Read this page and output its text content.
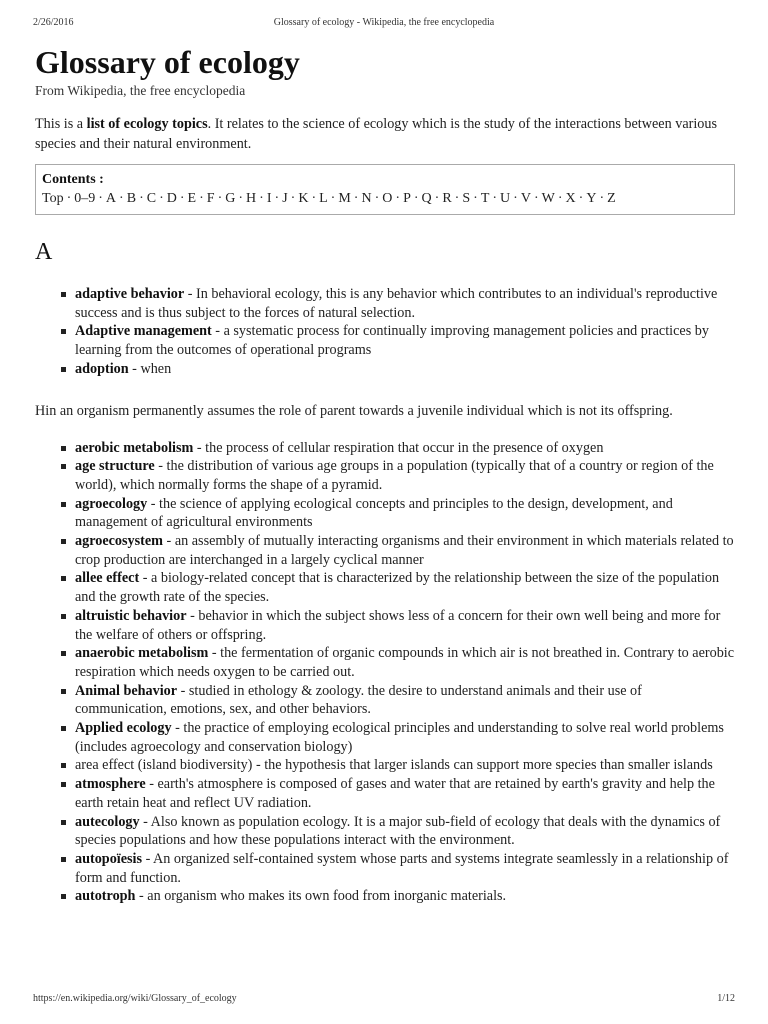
2/26/2016	Glossary of ecology - Wikipedia, the free encyclopedia
Glossary of ecology
From Wikipedia, the free encyclopedia

This is a list of ecology topics. It relates to the science of ecology which is the study of the interactions between various species and their natural environment.

Contents :
Top · 0–9 · A · B · C · D · E · F · G · H · I · J · K · L · M · N · O · P · Q · R · S · T · U · V · W · X · Y · Z
A
adaptive behavior - In behavioral ecology, this is any behavior which contributes to an individual's reproductive success and is thus subject to the forces of natural selection.
Adaptive management - a systematic process for continually improving management policies and practices by learning from the outcomes of operational programs
adoption - when

Hin an organism permanently assumes the role of parent towards a juvenile individual which is not its offspring.

aerobic metabolism - the process of cellular respiration that occur in the presence of oxygen
age structure - the distribution of various age groups in a population (typically that of a country or region of the world), which normally forms the shape of a pyramid.
agroecology - the science of applying ecological concepts and principles to the design, development, and management of agricultural environments
agroecosystem - an assembly of mutually interacting organisms and their environment in which materials related to crop production are interchanged in a largely cyclical manner
allee effect - a biology-related concept that is characterized by the relationship between the size of the population and the growth rate of the species.
altruistic behavior - behavior in which the subject shows less of a concern for their own well being and more for the welfare of others or offspring.
anaerobic metabolism - the fermentation of organic compounds in which air is not breathed in. Contrary to aerobic respiration which needs oxygen to be carried out.
Animal behavior - studied in ethology & zoology. the desire to understand animals and their use of communication, emotions, sex, and other behaviors.
Applied ecology - the practice of employing ecological principles and understanding to solve real world problems (includes agroecology and conservation biology)
area effect (island biodiversity) - the hypothesis that larger islands can support more species than smaller islands
atmosphere - earth's atmosphere is composed of gases and water that are retained by earth's gravity and help the earth retain heat and reflect UV radiation.
autecology - Also known as population ecology. It is a major sub-field of ecology that deals with the dynamics of species populations and how these populations interact with the environment.
autopoïesis - An organized self-contained system whose parts and systems integrate seamlessly in a relationship of form and function.
autotroph - an organism who makes its own food from inorganic materials.
https://en.wikipedia.org/wiki/Glossary_of_ecology	1/12
